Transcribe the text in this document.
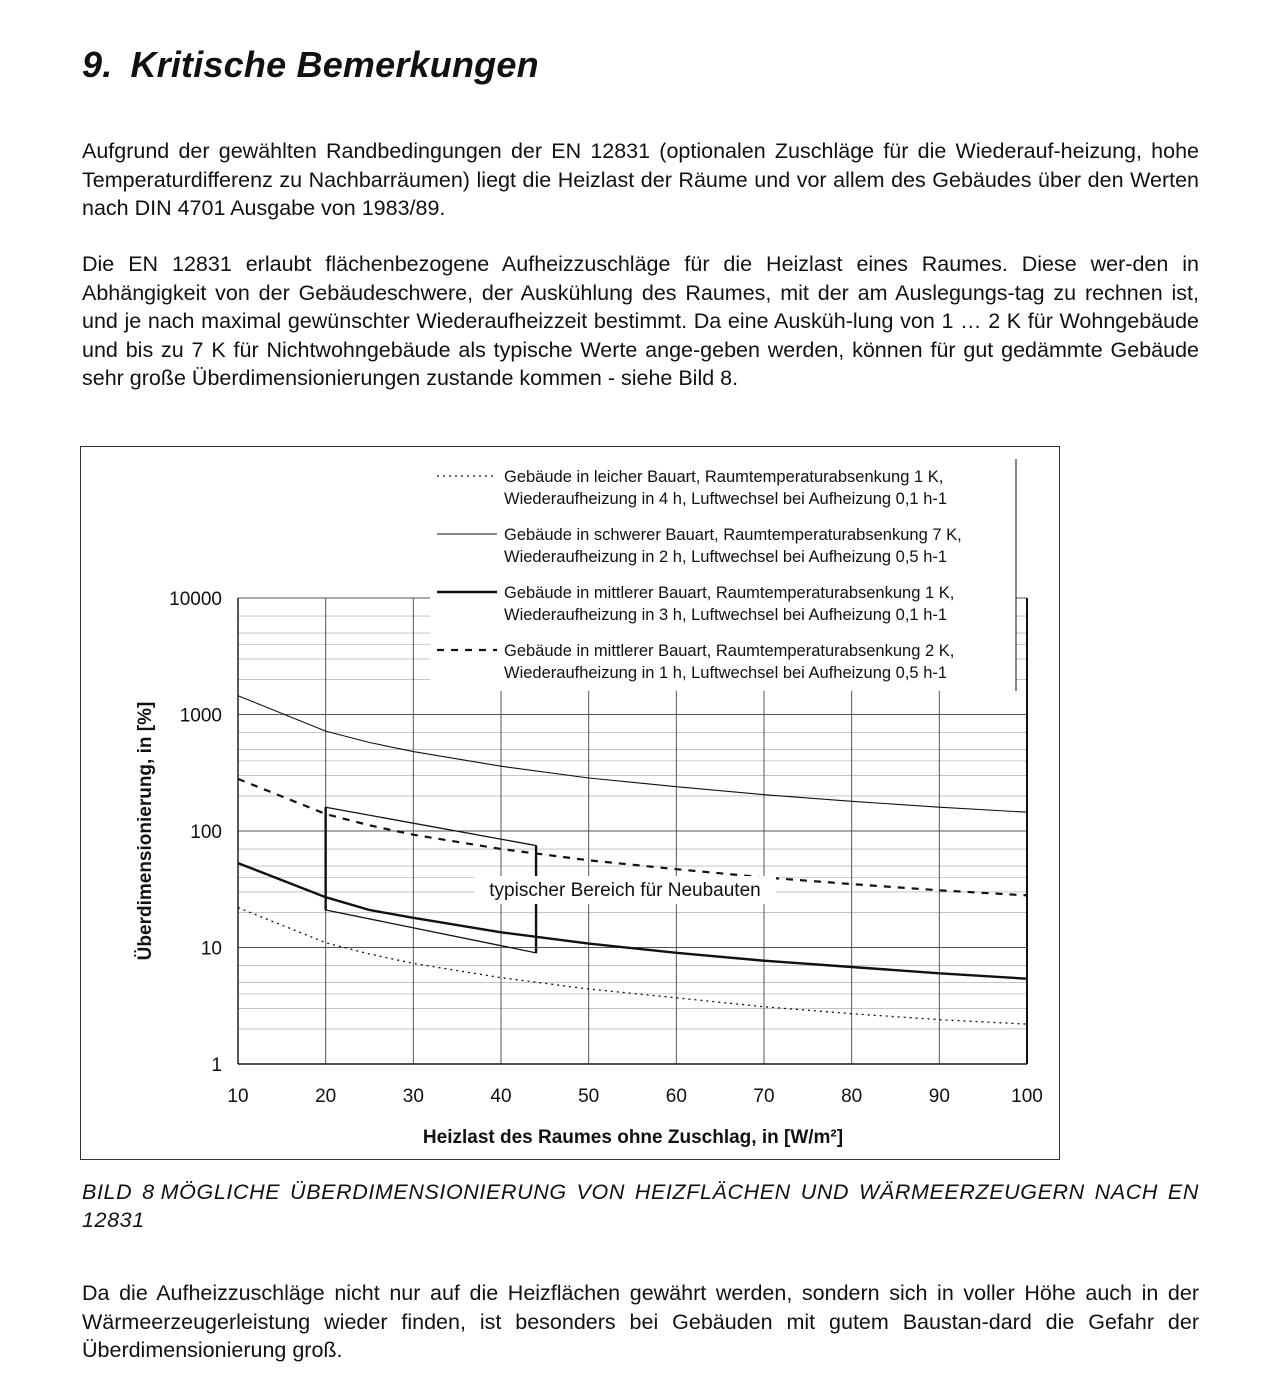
9. Kritische Bemerkungen

Aufgrund der gewählten Randbedingungen der EN 12831 (optionalen Zuschläge für die Wiederauf-heizung, hohe Temperaturdifferenz zu Nachbarräumen) liegt die Heizlast der Räume und vor allem des Gebäudes über den Werten nach DIN 4701 Ausgabe von 1983/89.

Die EN 12831 erlaubt flächenbezogene Aufheizzuschläge für die Heizlast eines Raumes. Diese wer-den in Abhängigkeit von der Gebäudeschwere, der Auskühlung des Raumes, mit der am Auslegungs-tag zu rechnen ist, und je nach maximal gewünschter Wiederaufheizzeit bestimmt. Da eine Ausküh-lung von 1 … 2 K für Wohngebäude und bis zu 7 K für Nichtwohngebäude als typische Werte ange-geben werden, können für gut gedämmte Gebäude sehr große Überdimensionierungen zustande kommen - siehe Bild 8.

10	20	30	40	50	60	70	80	90	100
1
10
100
1000
10000
Gebäude in leicher Bauart, Raumtemperaturabsenkung 1 K,
Wiederaufheizung in 4 h, Luftwechsel bei Aufheizung 0,1 h-1
Gebäude in schwerer Bauart, Raumtemperaturabsenkung 7 K,
Wiederaufheizung in 2 h, Luftwechsel bei Aufheizung 0,5 h-1
Gebäude in mittlerer Bauart, Raumtemperaturabsenkung 1 K,
Wiederaufheizung in 3 h, Luftwechsel bei Aufheizung 0,1 h-1
Gebäude in mittlerer Bauart, Raumtemperaturabsenkung 2 K,
Wiederaufheizung in 1 h, Luftwechsel bei Aufheizung 0,5 h-1
Heizlast des Raumes ohne Zuschlag, in [W/m²]
Überdimensionierung, in [%]	typischer Bereich für Neubauten

BILD 8 MÖGLICHE ÜBERDIMENSIONIERUNG VON HEIZFLÄCHEN UND WÄRMEERZEUGERN NACH EN 12831

Da die Aufheizzuschläge nicht nur auf die Heizflächen gewährt werden, sondern sich in voller Höhe auch in der Wärmeerzeugerleistung wieder finden, ist besonders bei Gebäuden mit gutem Baustan-dard die Gefahr der Überdimensionierung groß.
